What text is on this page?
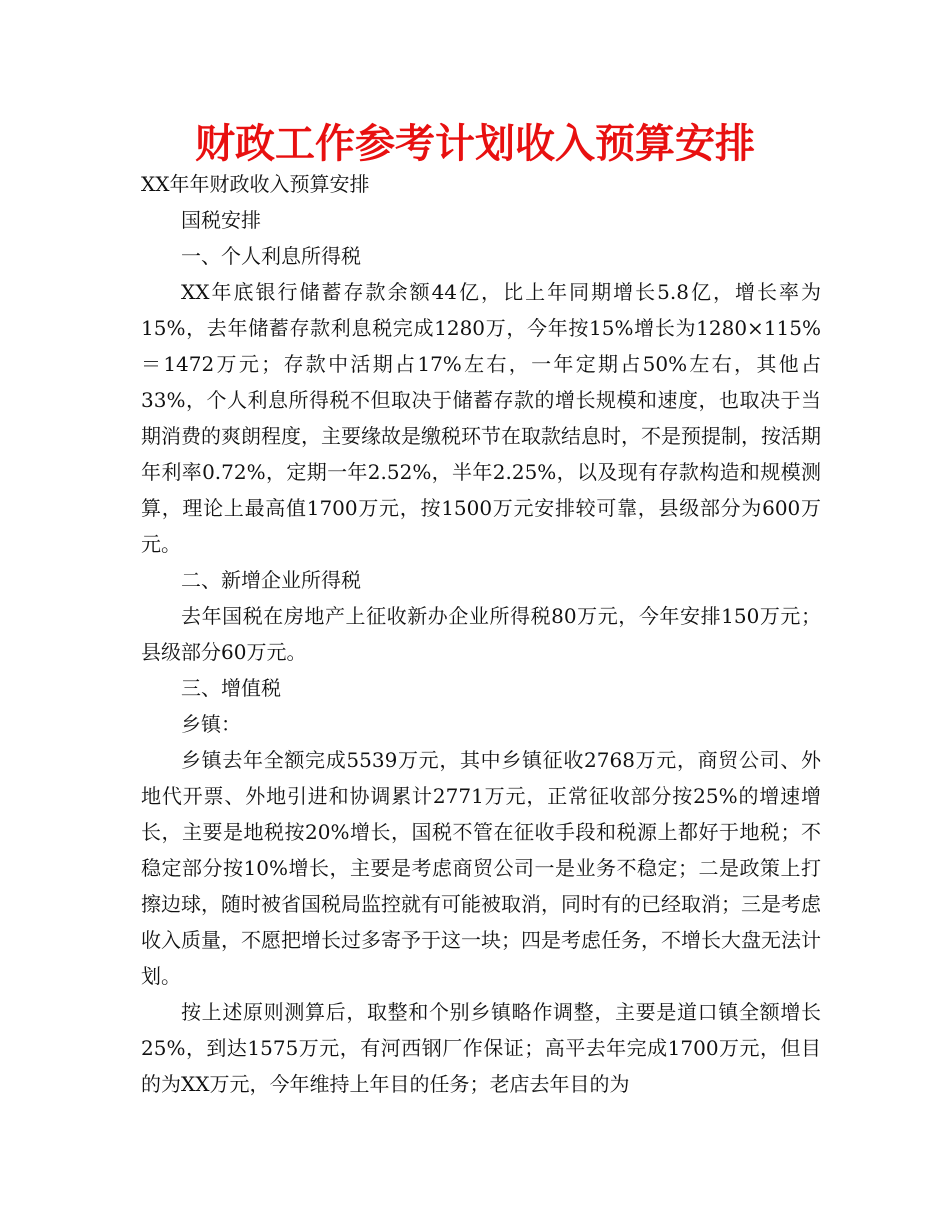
财政工作参考计划收入预算安排

XX年年财政收入预算安排

国税安排

一、个人利息所得税

XX年底银行储蓄存款余额44亿，比上年同期增长5.8亿，增长率为15%，去年储蓄存款利息税完成1280万，今年按15%增长为1280×115%＝1472万元；存款中活期占17%左右，一年定期占50%左右，其他占33%，个人利息所得税不但取决于储蓄存款的增长规模和速度，也取决于当期消费的爽朗程度，主要缘故是缴税环节在取款结息时，不是预提制，按活期年利率0.72%，定期一年2.52%，半年2.25%，以及现有存款构造和规模测算，理论上最高值1700万元，按1500万元安排较可靠，县级部分为600万元。

二、新增企业所得税

去年国税在房地产上征收新办企业所得税80万元，今年安排150万元；县级部分60万元。

三、增值税

乡镇：

乡镇去年全额完成5539万元，其中乡镇征收2768万元，商贸公司、外地代开票、外地引进和协调累计2771万元，正常征收部分按25%的增速增长，主要是地税按20%增长，国税不管在征收手段和税源上都好于地税；不稳定部分按10%增长，主要是考虑商贸公司一是业务不稳定；二是政策上打擦边球，随时被省国税局监控就有可能被取消，同时有的已经取消；三是考虑收入质量，不愿把增长过多寄予于这一块；四是考虑任务，不增长大盘无法计划。

按上述原则测算后，取整和个别乡镇略作调整，主要是道口镇全额增长25%，到达1575万元，有河西钢厂作保证；高平去年完成1700万元，但目的为XX万元，今年维持上年目的任务；老店去年目的为
